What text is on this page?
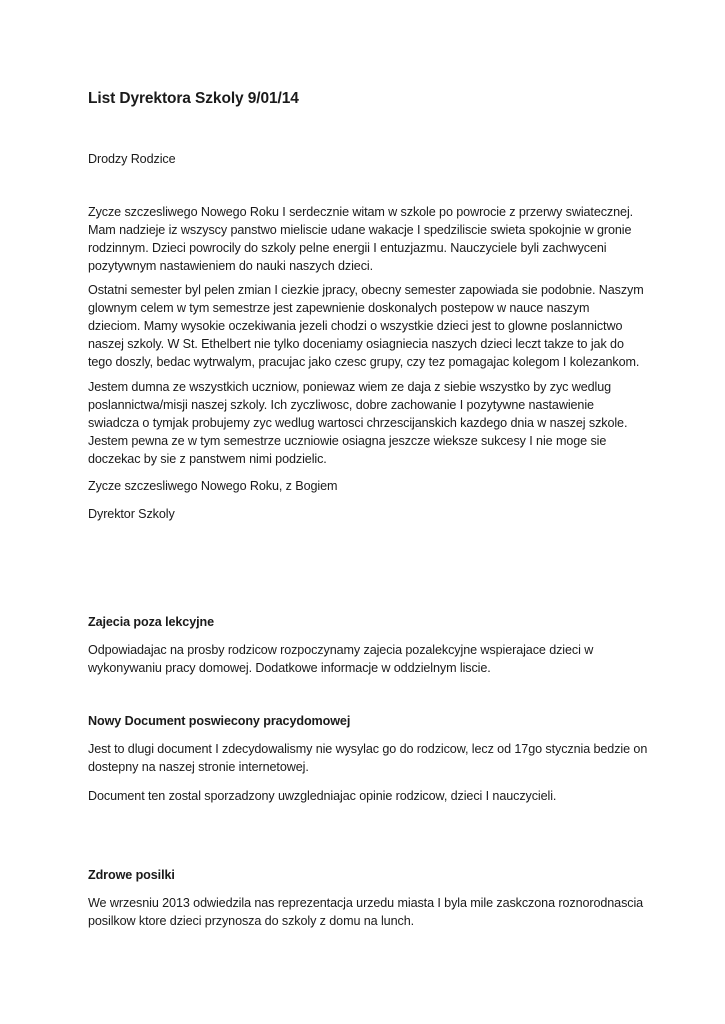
List Dyrektora Szkoly 9/01/14

Drodzy Rodzice

Zycze szczesliwego Nowego Roku I serdecznie witam w szkole po powrocie z przerwy swiatecznej.
Mam nadzieje iz wszyscy panstwo mieliscie udane wakacje I spedziliscie swieta spokojnie w gronie
rodzinnym. Dzieci powrocily do szkoly pelne energii I entuzjazmu. Nauczyciele byli zachwyceni
pozytywnym nastawieniem do nauki naszych dzieci.

Ostatni semester byl pelen zmian I ciezkie jpracy, obecny semester zapowiada sie podobnie. Naszym
glownym celem w tym semestrze jest zapewnienie doskonalych postepow w nauce naszym
dzieciom. Mamy wysokie oczekiwania jezeli chodzi o wszystkie dzieci jest to glowne poslannictwo
naszej szkoly. W St. Ethelbert nie tylko doceniamy osiagniecia naszych dzieci leczt takze to jak do
tego doszly, bedac wytrwalym, pracujac jako czesc grupy, czy tez pomagajac kolegom I kolezankom.

Jestem dumna ze wszystkich uczniow, poniewaz wiem ze daja z siebie wszystko by zyc wedlug
poslannictwa/misji naszej szkoly. Ich zyczliwosc, dobre zachowanie I pozytywne nastawienie
swiadcza o tymjak probujemy zyc wedlug wartosci chrzescijanskich kazdego dnia w naszej szkole.
Jestem pewna ze w tym semestrze uczniowie osiagna jeszcze wieksze sukcesy I nie moge sie
doczekac by sie z panstwem nimi podzielic.

Zycze szczesliwego Nowego Roku, z Bogiem

Dyrektor Szkoly

Zajecia poza lekcyjne

Odpowiadajac na prosby rodzicow rozpoczynamy zajecia pozalekcyjne wspierajace dzieci w
wykonywaniu pracy domowej. Dodatkowe informacje w oddzielnym liscie.

Nowy Document poswiecony pracydomowej

Jest to dlugi document I zdecydowalismy nie wysylac go do rodzicow, lecz od 17go stycznia bedzie on
dostepny na naszej stronie internetowej.

Document ten zostal sporzadzony uwzgledniajac opinie rodzicow, dzieci I nauczycieli.

Zdrowe posilki

We wrzesniu 2013 odwiedzila nas reprezentacja urzedu miasta I byla mile zaskczona roznorodnascia
posilkow ktore dzieci przynosza do szkoly z domu na lunch.
